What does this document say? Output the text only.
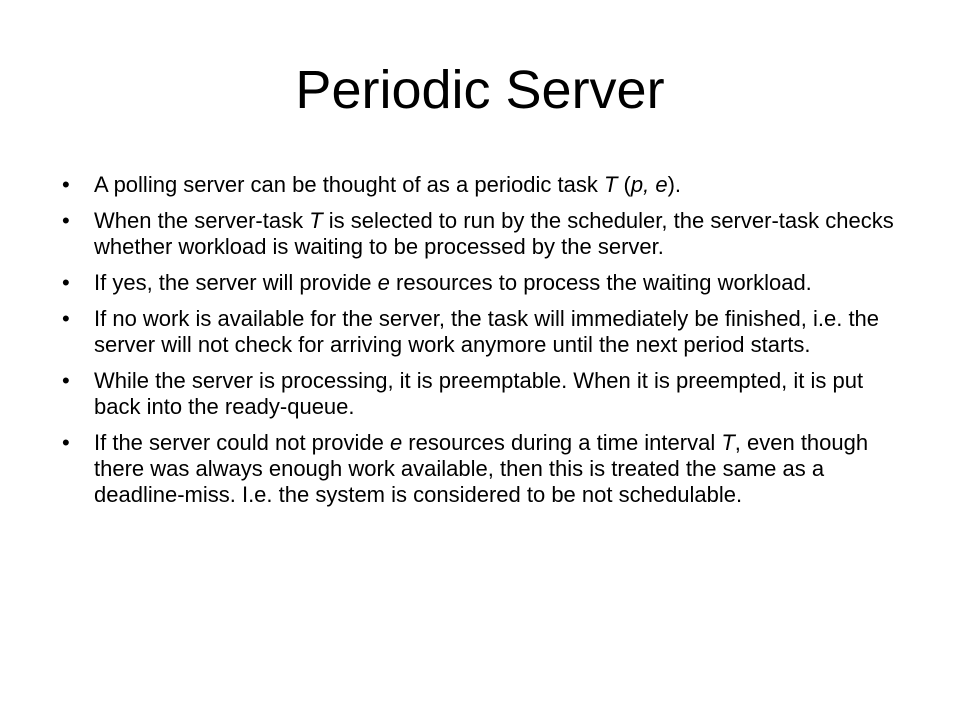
Periodic Server
• A polling server can be thought of as a periodic task T (p, e).
• When the server-task T is selected to run by the scheduler, the server-task checks whether workload is waiting to be processed by the server.
• If yes, the server will provide e resources to process the waiting workload.
• If no work is available for the server, the task will immediately be finished, i.e. the server will not check for arriving work anymore until the next period starts.
• While the server is processing, it is preemptable. When it is preempted, it is put back into the ready-queue.
• If the server could not provide e resources during a time interval T, even though there was always enough work available, then this is treated the same as a deadline-miss. I.e. the system is considered to be not schedulable.
